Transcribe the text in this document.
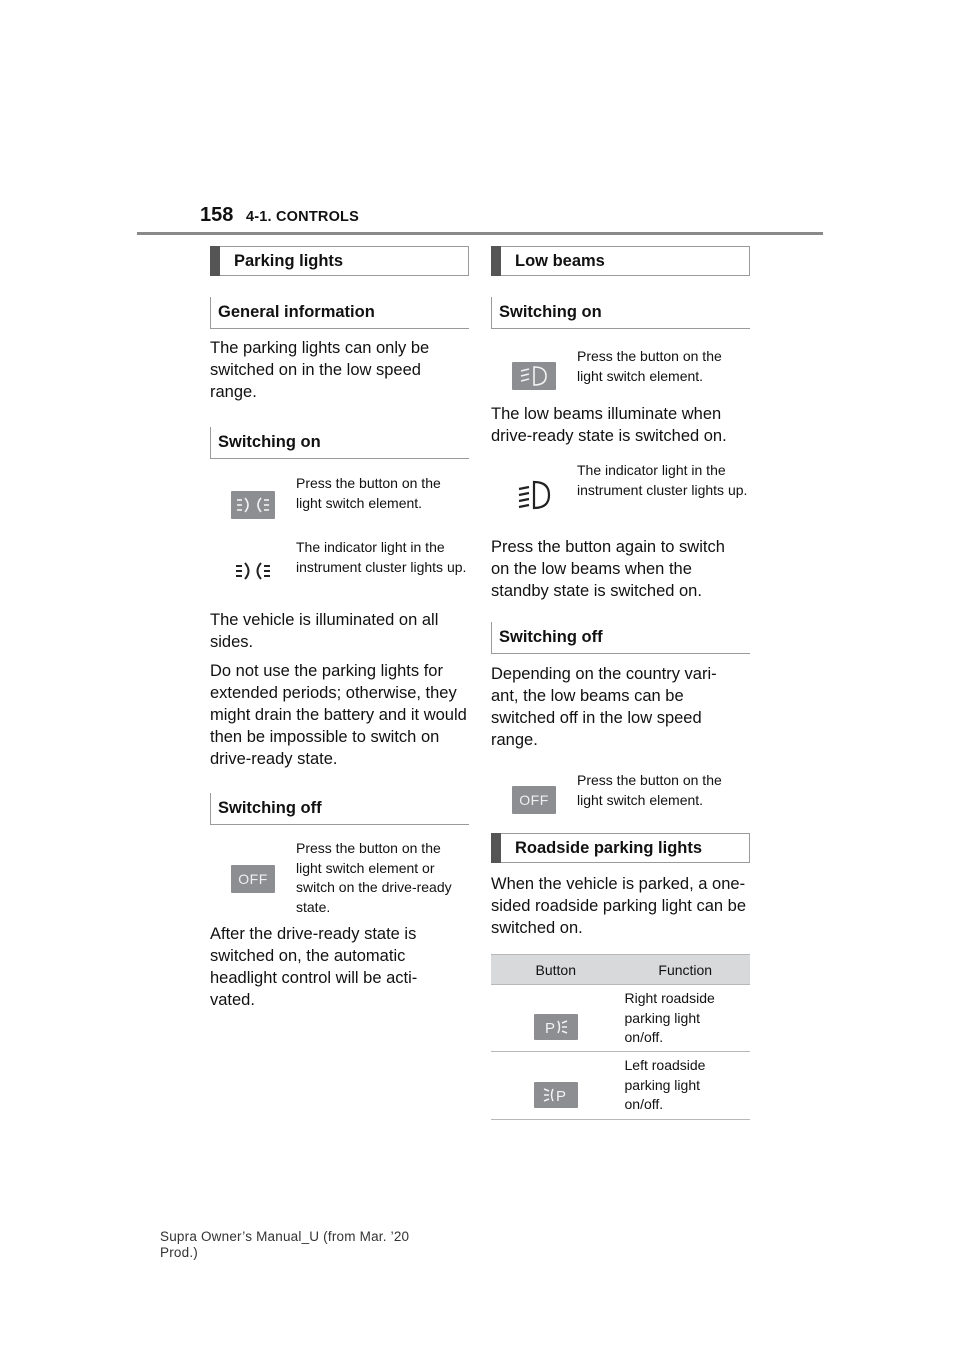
158 4-1. CONTROLS
Parking lights
General information
The parking lights can only be switched on in the low speed range.
Switching on
Press the button on the light switch element.
The indicator light in the instrument cluster lights up.
The vehicle is illuminated on all sides.
Do not use the parking lights for extended periods; otherwise, they might drain the battery and it would then be impossible to switch on drive-ready state.
Switching off
OFF
Press the button on the light switch element or switch on the drive-ready state.
After the drive-ready state is switched on, the automatic headlight control will be acti-vated.
Low beams
Switching on
Press the button on the light switch element.
The low beams illuminate when drive-ready state is switched on.
The indicator light in the instrument cluster lights up.
Press the button again to switch on the low beams when the standby state is switched on.
Switching off
Depending on the country vari-ant, the low beams can be switched off in the low speed range.
OFF
Press the button on the light switch element.
Roadside parking lights
When the vehicle is parked, a one-sided roadside parking light can be switched on.
Button	Function
P
Right roadside parking light on/off.
P
Left roadside parking light on/off.
Supra Owner’s Manual_U (from Mar. ’20
Prod.)
